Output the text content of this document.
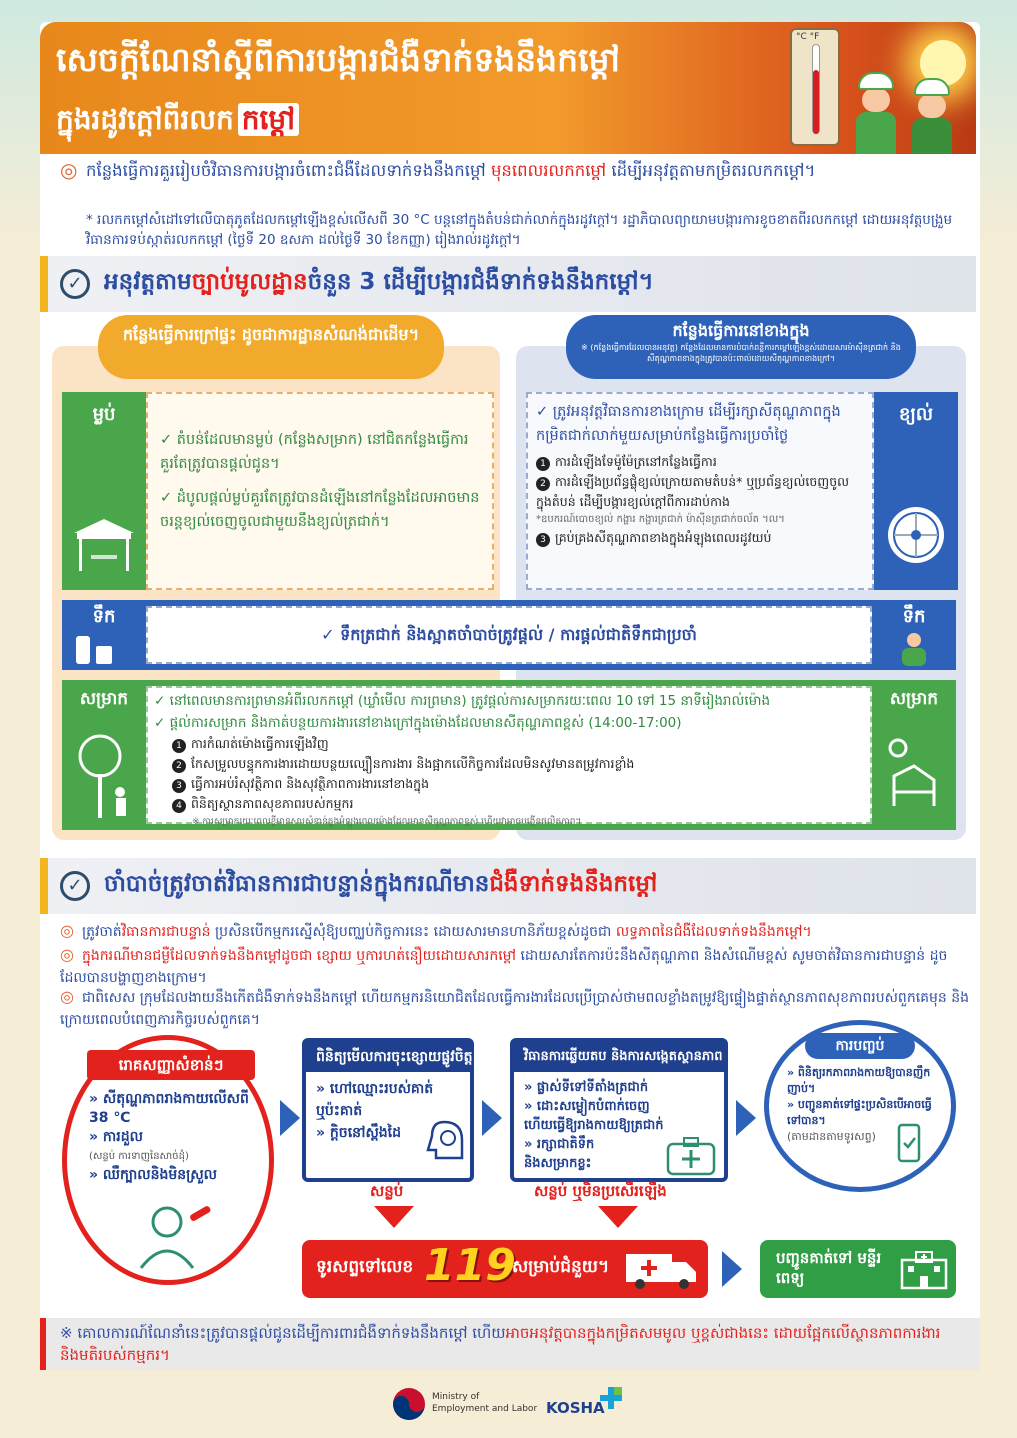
សេចក្តីណែនាំស្តីពីការបង្ការជំងឺទាក់ទងនឹងកម្តៅ
ក្នុងរដូវក្តៅពីរលក កម្តៅ
°C °F
◎ កន្លែងធ្វើការគួររៀបចំវិធានការបង្ការចំពោះជំងឺដែលទាក់ទងនឹងកម្តៅ មុនពេលរលកកម្តៅ ដើម្បីអនុវត្តតាមកម្រិតរលកកម្តៅ។
* រលកកម្តៅសំដៅទៅលើបាតុភូតដែលកម្តៅឡើងខ្ពស់លើសពី 30 °C បន្តនៅក្នុងតំបន់ជាក់លាក់ក្នុងរដូវក្តៅ។ រដ្ឋាភិបាលព្យាយាមបង្ការការខូចខាតពីរលកកម្តៅ ដោយអនុវត្តបង្រួមវិធានការទប់ស្កាត់រលកកម្តៅ (ថ្ងៃទី 20 ឧសភា ដល់ថ្ងៃទី 30 ខែកញ្ញា) រៀងរាល់រដូវក្តៅ។
✓ អនុវត្តតាមច្បាប់មូលដ្ឋានចំនួន 3 ដើម្បីបង្ការជំងឺទាក់ទងនឹងកម្តៅ។
កន្លែងធ្វើការក្រៅផ្ទះ ដូចជាការដ្ឋានសំណង់ជាដើម។	កន្លែងធ្វើការនៅខាងក្នុង
※ (កន្លែងធ្វើការដែលបានអនុវត្ត) កន្លែងដែលមានការបំបាក់ពន្លឺការកម្តៅឡើងខ្ពស់ដោយសារម៉ាស៊ីនត្រជាក់ និងសីតុណ្ហភាពខាងក្នុងត្រូវបានប៉ះពាល់ដោយសីតុណ្ហភាពខាងក្រៅ។
ម្លប់
✓ តំបន់ដែលមានម្លប់ (កន្លែងសម្រាក) នៅជិតកន្លែងធ្វើការគួរតែត្រូវបានផ្តល់ជូន។
✓ ដំបូលផ្តល់ម្លប់គួរតែត្រូវបានដំឡើងនៅកន្លែងដែលអាចមានចរន្តខ្យល់ចេញចូលជាមួយនឹងខ្យល់ត្រជាក់។
✓ ត្រូវអនុវត្តវិធានការខាងក្រោម ដើម្បីរក្សាសីតុណ្ហភាពក្នុងកម្រិតជាក់លាក់មួយសម្រាប់កន្លែងធ្វើការប្រចាំថ្ងៃ
1 ការដំឡើងទែម៉ូម៉ែត្រនៅកន្លែងធ្វើការ
2 ការដំឡើងប្រព័ន្ធផ្លុំខ្យល់ក្រោយតាមតំបន់* ឬប្រព័ន្ធខ្យល់ចេញចូលក្នុងតំបន់ ដើម្បីបង្ការខ្យល់ក្តៅពីការដាប់កាង
*ឧបករណ៍បោចខ្យល់ កង្ហារ កង្ហារត្រជាក់ ម៉ាស៊ីនត្រជាក់ចល័ត ។ល។
3 គ្រប់គ្រងសីតុណ្ហភាពខាងក្នុងអំឡុងពេលរដូវយប់
ខ្យល់
ទឹក
✓ ទឹកត្រជាក់ និងស្អាតចាំបាច់ត្រូវផ្តល់ / ការផ្តល់ជាតិទឹកជាប្រចាំ
ទឹក
សម្រាក	✓ នៅពេលមានការព្រមានអំពីរលកកម្តៅ (ឃ្លាំមើល ការព្រមាន) ត្រូវផ្តល់ការសម្រាករយៈពេល 10 ទៅ 15 នាទីរៀងរាល់ម៉ោង
✓ ផ្តល់ការសម្រាក និងកាត់បន្ថយការងារនៅខាងក្រៅក្នុងម៉ោងដែលមានសីតុណ្ហភាពខ្ពស់ (14:00-17:00)
1 ការកំណត់ម៉ោងធ្វើការឡើងវិញ
2 កែសម្រួលបន្ទុកការងារដោយបន្ថយល្បឿនការងារ និងផ្អាកលើកិច្ចការដែលមិនសូវមានតម្រូវការខ្លាំង
3 ធ្វើការអប់រំសុវត្ថិភាព និងសុវត្ថិភាពការងារនៅខាងក្នុង
4 ពិនិត្យស្ថានភាពសុខភាពរបស់កម្មករ
※ ការសម្រាករយៈពេលខ្លីមានសារសំខាន់ក្នុងអំឡុងពេលម៉ោងដែលមានសីតុណ្ហភាពខ្ពស់ ហើយវាអាចបង្កើនផលិតភាព។
សម្រាក
✓ ចាំបាច់ត្រូវចាត់វិធានការជាបន្ទាន់ក្នុងករណីមានជំងឺទាក់ទងនឹងកម្តៅ
◎ ត្រូវចាត់វិធានការជាបន្ទាន់ ប្រសិនបើកម្មករស្នើសុំឱ្យបញ្ឈប់កិច្ចការនេះ ដោយសារមានហានិភ័យខ្ពស់ដូចជា លទ្ធភាពនៃជំងឺដែលទាក់ទងនឹងកម្តៅ។
◎ ក្នុងករណីមានជម្ងឺដែលទាក់ទងនឹងកម្តៅដូចជា ខ្សោយ ឬការហត់នឿយដោយសារកម្តៅ ដោយសារតែការប៉ះនឹងសីតុណ្ហភាព និងសំណើមខ្ពស់ សូមចាត់វិធានការជាបន្ទាន់ ដូចដែលបានបង្ហាញខាងក្រោម។
◎ ជាពិសេស ក្រុមដែលងាយនឹងកើតជំងឺទាក់ទងនឹងកម្តៅ ហើយកម្មករនិយោជិតដែលធ្វើការងារដែលប្រើប្រាស់ថាមពលខ្លាំងតម្រូវឱ្យផ្ទៀងផ្ទាត់ស្ថានភាពសុខភាពរបស់ពួកគេមុន និងក្រោយពេលបំពេញភារកិច្ចរបស់ពួកគេ។
រោគសញ្ញាសំខាន់ៗ
» សីតុណ្ហភាពរាងកាយលើសពី 38 ℃
» ការដួល
(សន្លប់ ការទាញនៃសាច់ដុំ)
» ឈឺក្បាលនិងមិនស្រួល
ពិនិត្យមើលការចុះខ្សោយផ្លូវចិត្ត
» ហៅឈ្មោះរបស់គាត់
ឬប៉ះគាត់
» ក្តិចនៅស្ពឹងដៃ
វិធានការឆ្លើយតប និងការសង្កេតស្ថានភាព
» ផ្លាស់ទីទៅទីតាំងត្រជាក់
» ដោះសម្លៀកបំពាក់ចេញ
ហើយធ្វើឱ្យរាងកាយឱ្យត្រជាក់
» រក្សាជាតិទឹក
និងសម្រាកខ្លះ
ការបញ្ចប់
» ពិនិត្យរកភាពរាងកាយឱ្យបានញឹកញាប់។
» បញ្ជូនគាត់ទៅផ្ទះប្រសិនបើអាចធ្វើទៅបាន។
(តាមដានតាមទូរសព្ទ)
សន្លប់	សន្លប់ ឬមិនប្រសើរឡើង
ទូរសព្ទទៅលេខ 119
សម្រាប់ជំនួយ។	បញ្ជូនគាត់ទៅ មន្ទីរពេទ្យ
※ គោលការណ៍ណែនាំនេះត្រូវបានផ្តល់ជូនដើម្បីការពារជំងឺទាក់ទងនឹងកម្តៅ ហើយអាចអនុវត្តបានក្នុងកម្រិតសមមូល ឬខ្ពស់ជាងនេះ ដោយផ្អែកលើស្ថានភាពការងារ និងមតិរបស់កម្មករ។
Ministry of
Employment and Labor KOSHA
